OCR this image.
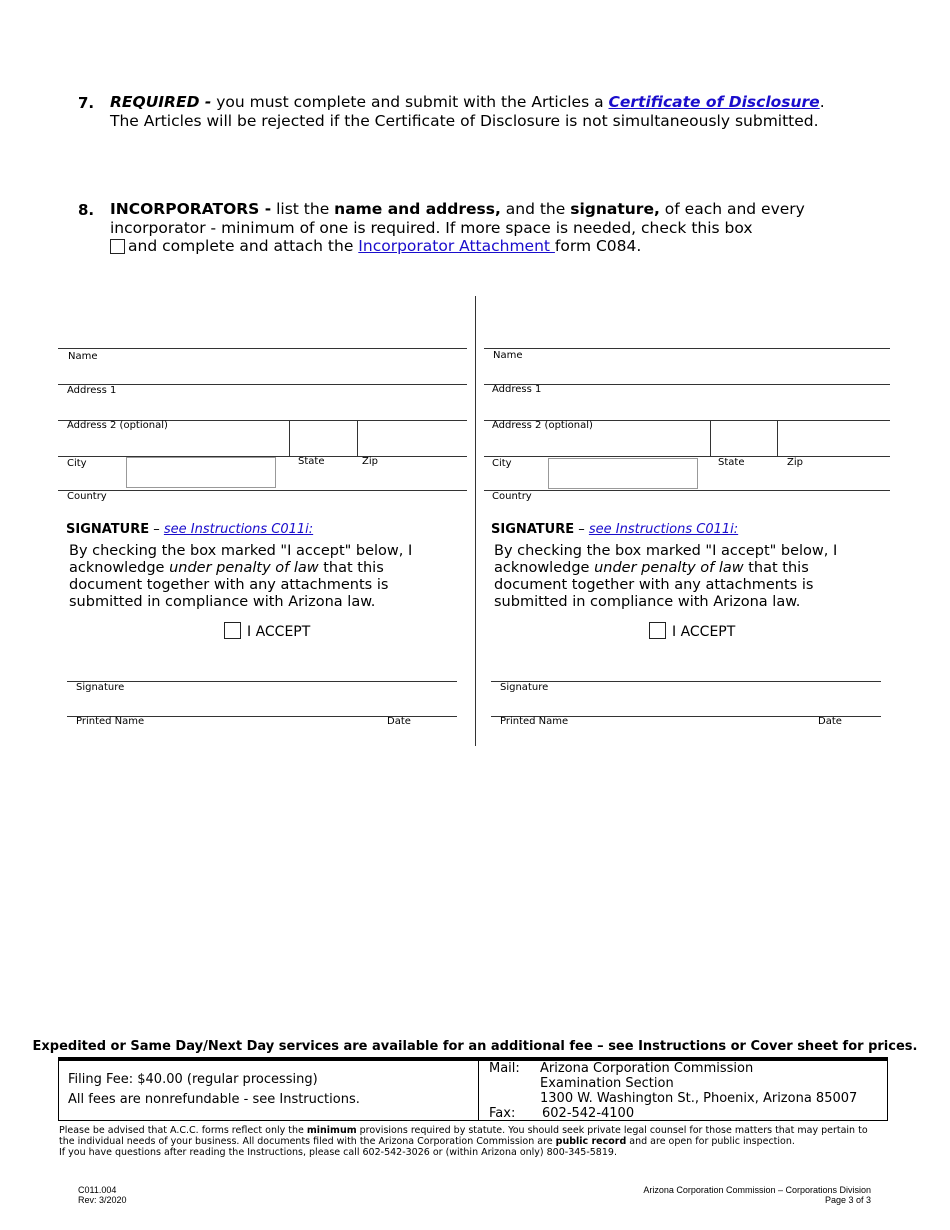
7. REQUIRED - you must complete and submit with the Articles a Certificate of Disclosure.
The Articles will be rejected if the Certificate of Disclosure is not simultaneously submitted.
8. INCORPORATORS - list the name and address, and the signature, of each and every
incorporator - minimum of one is required. If more space is needed, check this box
and complete and attach the Incorporator Attachment form C084.
Name
Address 1
Address 2 (optional)
City	State	Zip
Country
SIGNATURE – see Instructions C011i:
By checking the box marked "I accept" below, I
acknowledge under penalty of law that this
document together with any attachments is
submitted in compliance with Arizona law.
I ACCEPT
Signature
Printed Name	Date
Name
Address 1
Address 2 (optional)
City	State	Zip
Country
SIGNATURE – see Instructions C011i:
By checking the box marked "I accept" below, I
acknowledge under penalty of law that this
document together with any attachments is
submitted in compliance with Arizona law.
I ACCEPT
Signature
Printed Name	Date
Expedited or Same Day/Next Day services are available for an additional fee – see Instructions or Cover sheet for prices.
Filing Fee: $40.00 (regular processing)
All fees are nonrefundable - see Instructions.
Mail: Arizona Corporation Commission
Examination Section
1300 W. Washington St., Phoenix, Arizona 85007
Fax: 602-542-4100
Please be advised that A.C.C. forms reflect only the minimum provisions required by statute. You should seek private legal counsel for those matters that may pertain to
the individual needs of your business. All documents filed with the Arizona Corporation Commission are public record and are open for public inspection.
If you have questions after reading the Instructions, please call 602-542-3026 or (within Arizona only) 800-345-5819.
C011.004
Rev: 3/2020
Arizona Corporation Commission – Corporations Division
Page 3 of 3
